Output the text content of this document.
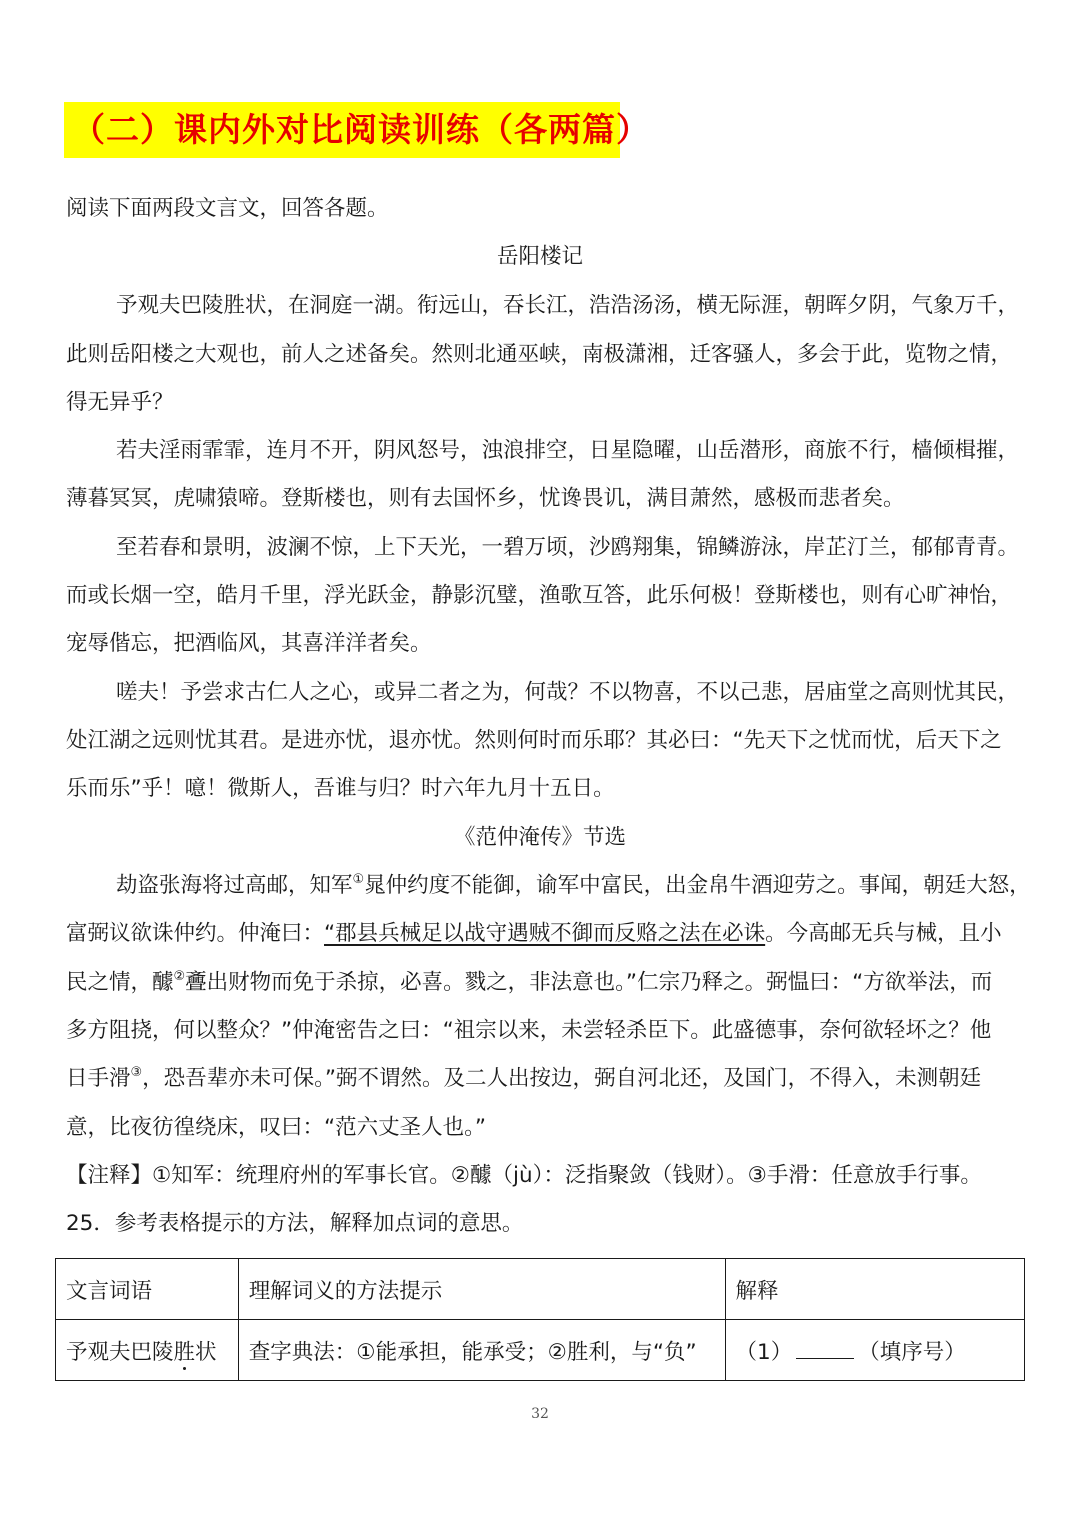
（二）课内外对比阅读训练（各两篇）
阅读下面两段文言文，回答各题。
岳阳楼记
予观夫巴陵胜状，在洞庭一湖。衔远山，吞长江，浩浩汤汤，横无际涯，朝晖夕阴，气象万千，
此则岳阳楼之大观也，前人之述备矣。然则北通巫峡，南极潇湘，迁客骚人，多会于此，览物之情，
得无异乎？
若夫淫雨霏霏，连月不开，阴风怒号，浊浪排空，日星隐曜，山岳潜形，商旅不行，樯倾楫摧，
薄暮冥冥，虎啸猿啼。登斯楼也，则有去国怀乡，忧谗畏讥，满目萧然，感极而悲者矣。
至若春和景明，波澜不惊，上下天光，一碧万顷，沙鸥翔集，锦鳞游泳，岸芷汀兰，郁郁青青。
而或长烟一空，皓月千里，浮光跃金，静影沉璧，渔歌互答，此乐何极！登斯楼也，则有心旷神怡，
宠辱偕忘，把酒临风，其喜洋洋者矣。
嗟夫！予尝求古仁人之心，或异二者之为，何哉？不以物喜，不以己悲，居庙堂之高则忧其民，
处江湖之远则忧其君。是进亦忧，退亦忧。然则何时而乐耶？其必曰：“先天下之忧而忧，后天下之
乐而乐”乎！噫！微斯人，吾谁与归？时六年九月十五日。
《范仲淹传》节选
劫盗张海将过高邮，知军①晁仲约度不能御，谕军中富民，出金帛牛酒迎劳之。事闻，朝廷大怒，
富弼议欲诛仲约。仲淹曰：“郡县兵械足以战守遇贼不御而反赂之法在必诛。今高邮无兵与械，且小
民之情，醵②斖出财物而免于杀掠，必喜。戮之，非法意也。”仁宗乃释之。弼愠曰：“方欲举法，而
多方阻挠，何以整众？”仲淹密告之曰：“祖宗以来，未尝轻杀臣下。此盛德事，奈何欲轻坏之？他
日手滑③，恐吾辈亦未可保。”弼不谓然。及二人出按边，弼自河北还，及国门，不得入，未测朝廷
意，比夜彷徨绕床，叹曰：“范六丈圣人也。”
【注释】①知军：统理府州的军事长官。②醵（jù）：泛指聚敛（钱财）。③手滑：任意放手行事。
25．参考表格提示的方法，解释加点词的意思。
文言词语	理解词义的方法提示	解释
予观夫巴陵胜状	查字典法：①能承担，能承受；②胜利，与“负”	（1） （填序号）
32
